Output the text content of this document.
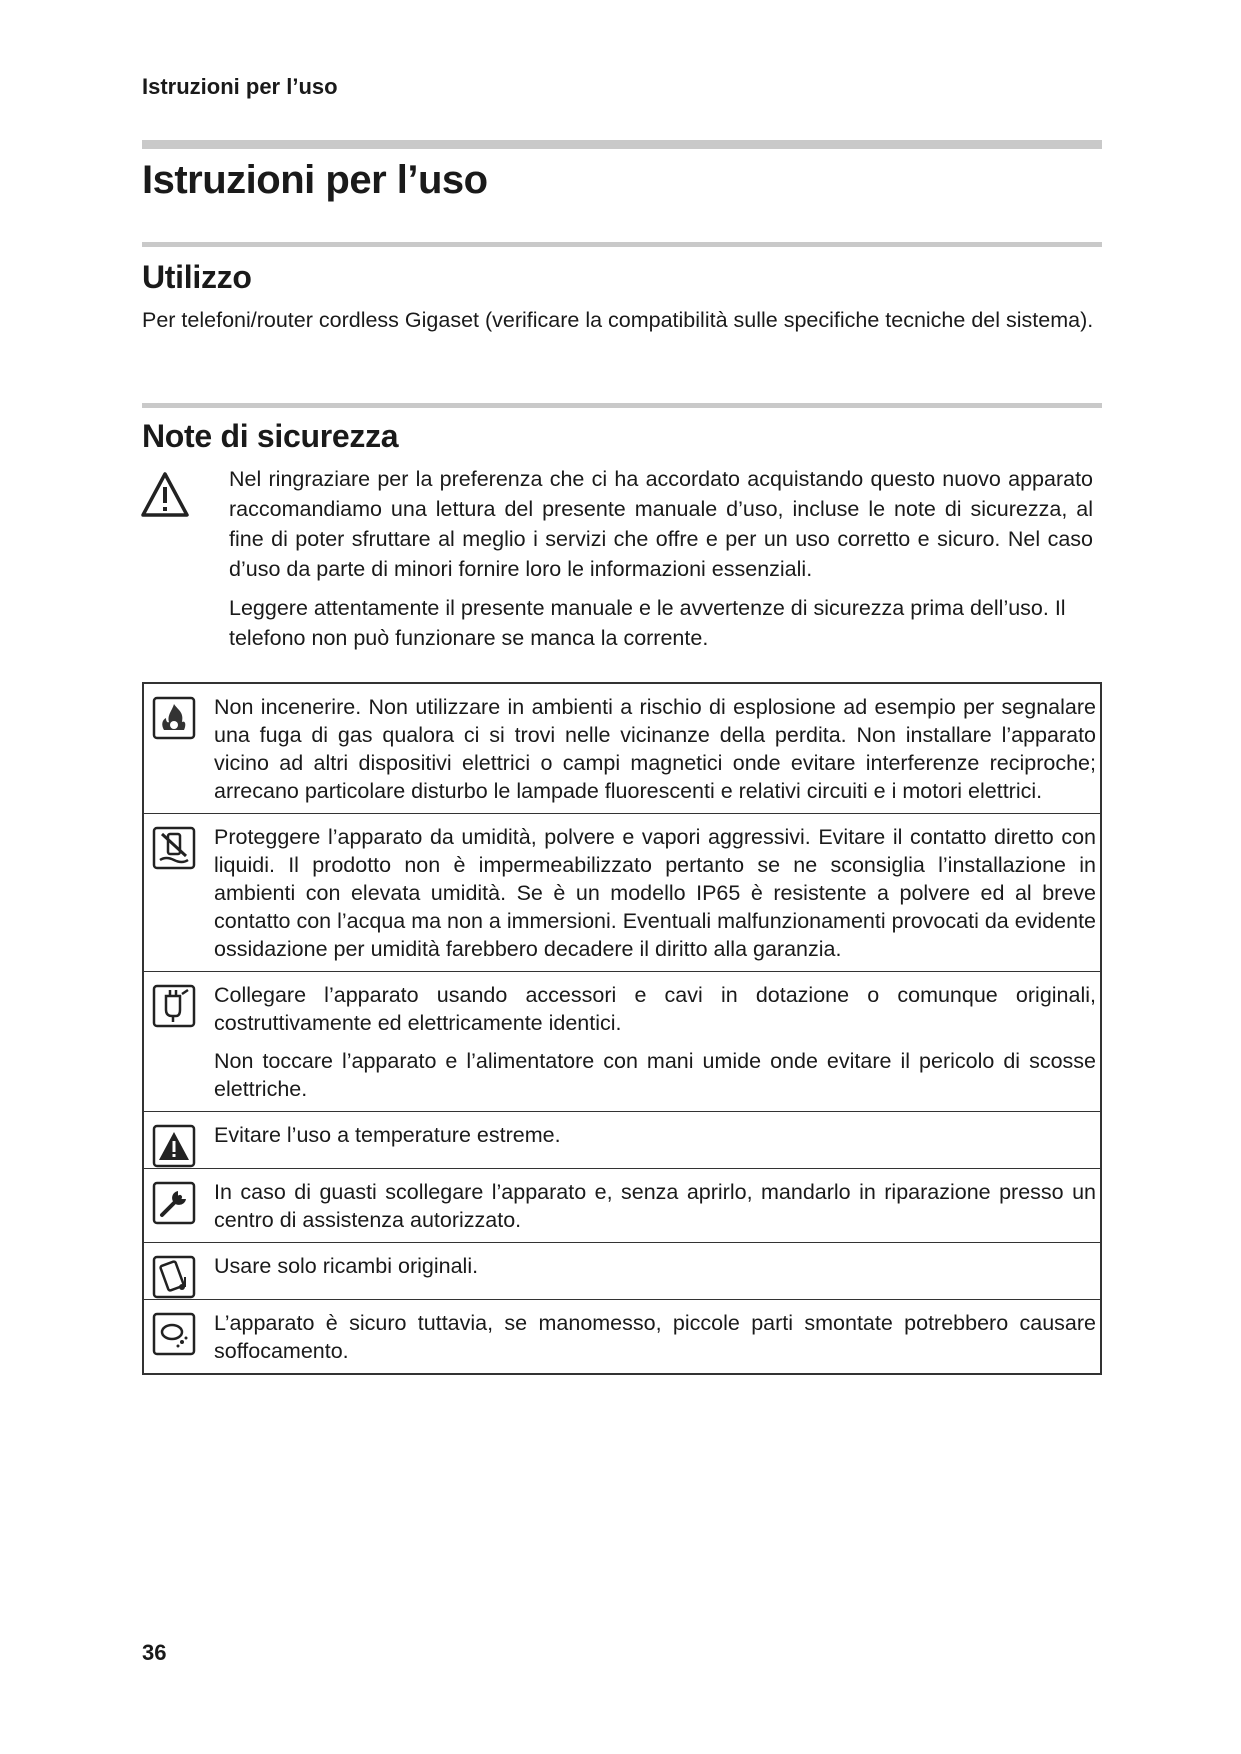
Istruzioni per l’uso
Istruzioni per l’uso
Utilizzo
Per telefoni/router cordless Gigaset (verificare la compatibilità sulle specifiche tecniche del sistema).
Note di sicurezza
Nel ringraziare per la preferenza che ci ha accordato acquistando questo nuovo apparato raccomandiamo una lettura del presente manuale d’uso, incluse le note di sicurezza, al fine di poter sfruttare al meglio i servizi che offre e per un uso corretto e sicuro. Nel caso d’uso da parte di minori fornire loro le informazioni essenziali.
Leggere attentamente il presente manuale e le avvertenze di sicurezza prima dell’uso. Il telefono non può funzionare se manca la corrente.

Non incenerire. Non utilizzare in ambienti a rischio di esplosione ad esempio per segnalare una fuga di gas qualora ci si trovi nelle vicinanze della perdita. Non installare l’apparato vicino ad altri dispositivi elettrici o campi magnetici onde evitare interferenze reciproche; arrecano particolare disturbo le lampade fluorescenti e relativi circuiti e i motori elettrici.

Proteggere l’apparato da umidità, polvere e vapori aggressivi. Evitare il contatto diretto con liquidi. Il prodotto non è impermeabilizzato pertanto se ne sconsiglia l’installazione in ambienti con elevata umidità. Se è un modello IP65 è resistente a polvere ed al breve contatto con l’acqua ma non a immersioni. Eventuali malfunzionamenti provocati da evidente ossidazione per umidità farebbero decadere il diritto alla garanzia.

Collegare l’apparato usando accessori e cavi in dotazione o comunque originali, costruttivamente ed elettricamente identici.

Non toccare l’apparato e l’alimentatore con mani umide onde evitare il pericolo di scosse elettriche.

Evitare l’uso a temperature estreme.

In caso di guasti scollegare l’apparato e, senza aprirlo, mandarlo in riparazione presso un centro di assistenza autorizzato.

Usare solo ricambi originali.

L’apparato è sicuro tuttavia, se manomesso, piccole parti smontate potrebbero causare soffocamento.

36
